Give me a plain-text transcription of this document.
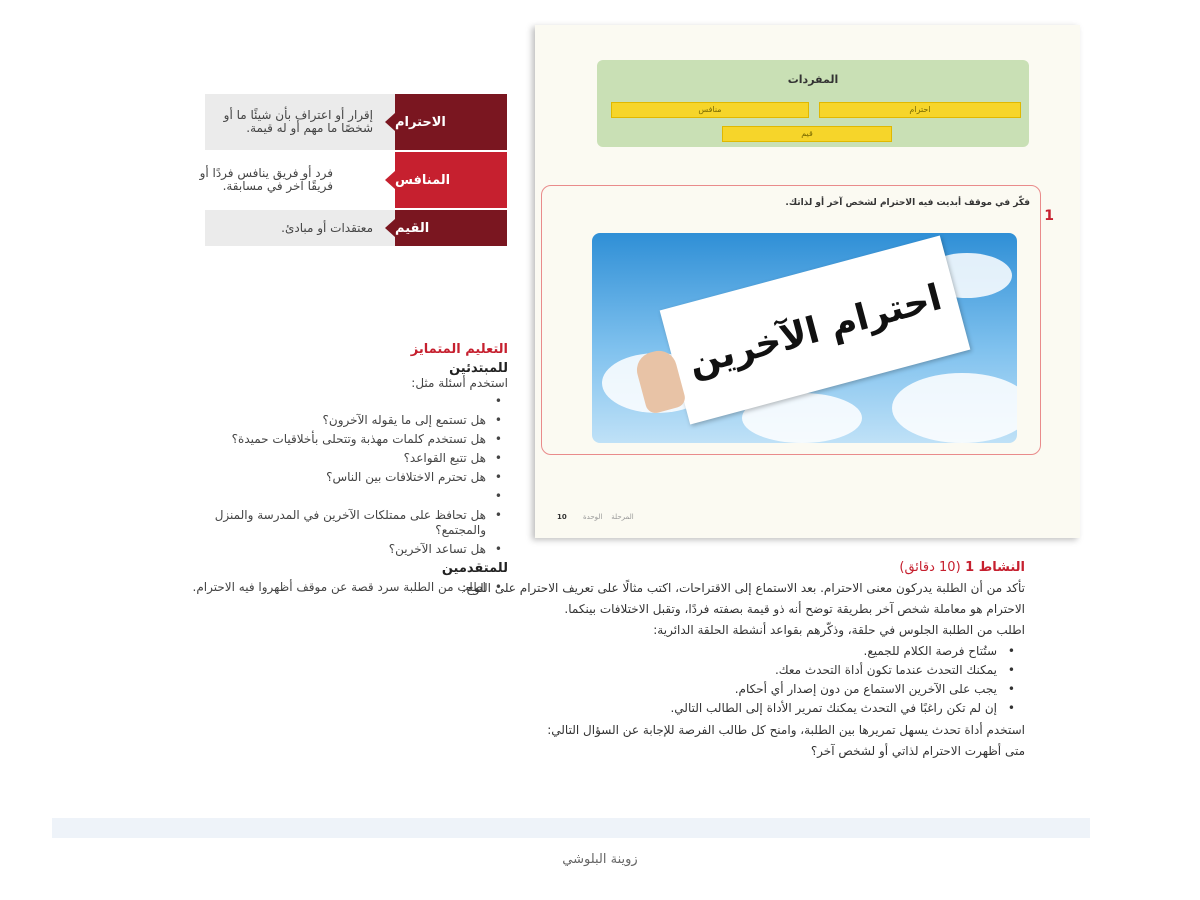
الاحترام
إقرار أو اعتراف بأن شيئًا ما أو شخصًا ما مهم أو له قيمة.
المنافس
فرد أو فريق ينافس فردًا أو فريقًا آخر في مسابقة.
القيم
معتقدات أو مبادئ.
التعليم المتمايز
للمبتدئين
استخدم أسئلة مثل:
•
• هل تستمع إلى ما يقوله الآخرون؟
• هل تستخدم كلمات مهذبة وتتحلى بأخلاقيات حميدة؟
• هل تتبع القواعد؟
• هل تحترم الاختلافات بين الناس؟
•
• هل تحافظ على ممتلكات الآخرين في المدرسة والمنزل والمجتمع؟
• هل تساعد الآخرين؟
للمتقدمين
• اطلب من الطلبة سرد قصة عن موقف أظهروا فيه الاحترام.
المفردات
احترام
منافس
قيم
1
فكّر في موقف أبديت فيه الاحترام لشخص آخر أو لذاتك.
احترام الآخرين
10	المرحلة    الوحدة
النشاط 1 (10 دقائق)

تأكد من أن الطلبة يدركون معنى الاحترام. بعد الاستماع إلى الاقتراحات، اكتب مثالًا على تعريف الاحترام على اللوح:

الاحترام هو معاملة شخص آخر بطريقة توضح أنه ذو قيمة بصفته فردًا، وتقبل الاختلافات بينكما.

اطلب من الطلبة الجلوس في حلقة، وذكّرهم بقواعد أنشطة الحلقة الدائرية:

• ستُتاح فرصة الكلام للجميع.
• يمكنك التحدث عندما تكون أداة التحدث معك.
• يجب على الآخرين الاستماع من دون إصدار أي أحكام.
• إن لم تكن راغبًا في التحدث يمكنك تمرير الأداة إلى الطالب التالي.

استخدم أداة تحدث يسهل تمريرها بين الطلبة، وامنح كل طالب الفرصة للإجابة عن السؤال التالي:

متى أظهرت الاحترام لذاتي أو لشخص آخر؟

زوينة البلوشي
